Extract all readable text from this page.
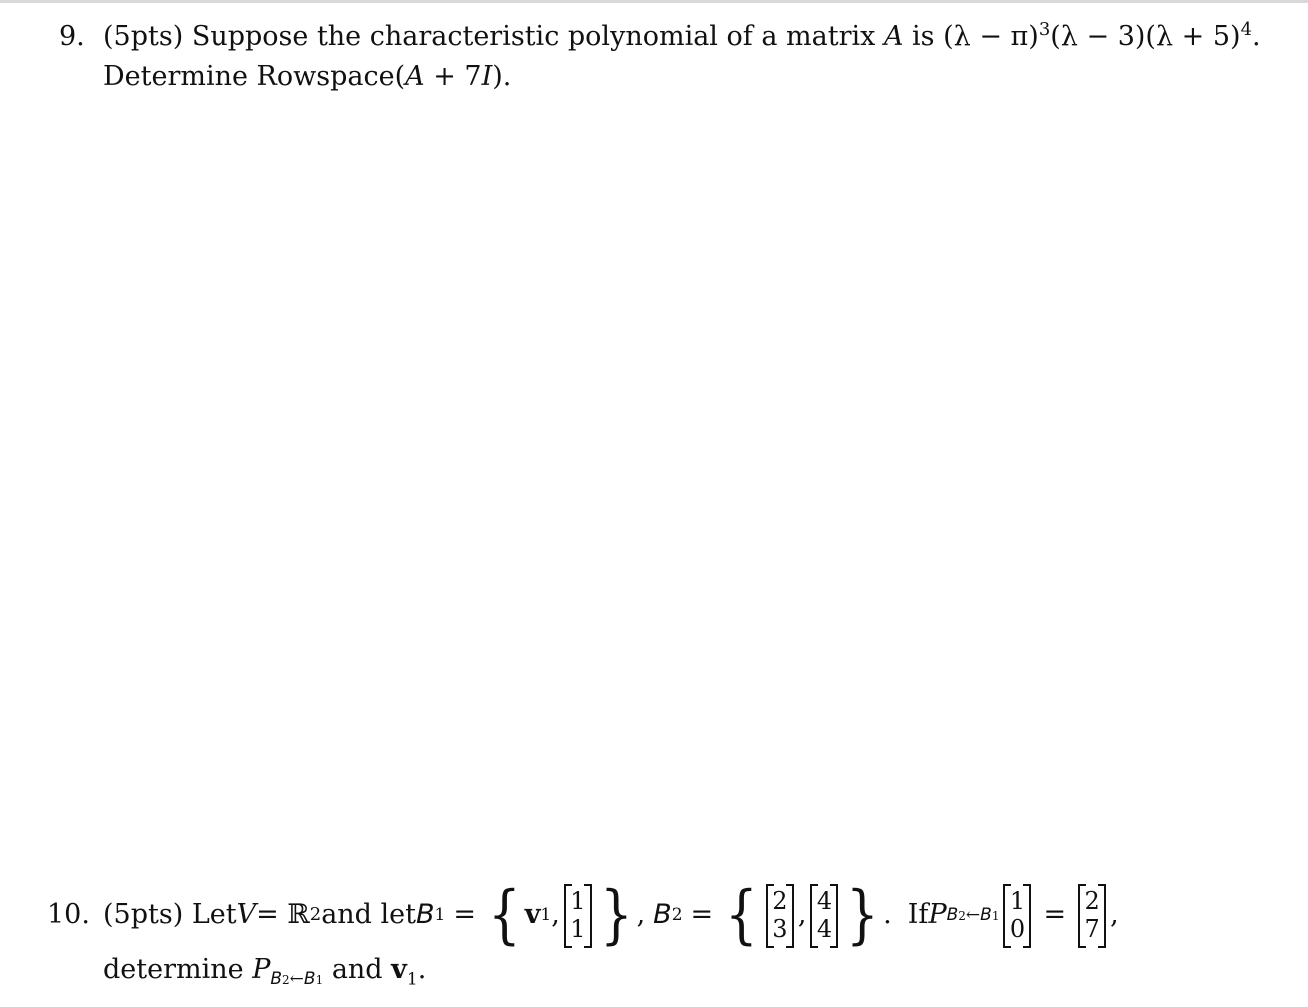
9. (5pts) Suppose the characteristic polynomial of a matrix A is $(\lambda - \pi)^3(\lambda - 3)(\lambda + 5)^4$.
Determine Rowspace(A + 7I).
10. (5pts) Let V = ℝ 2 and let B 1 = { v 1 , 1
1 } , B 2 = { 2
3 , 4
4 } . If P B2←B1
1
0 = 2
7 ,
determine $P_{B2\leftarrow B1}$ and $v_1$.
